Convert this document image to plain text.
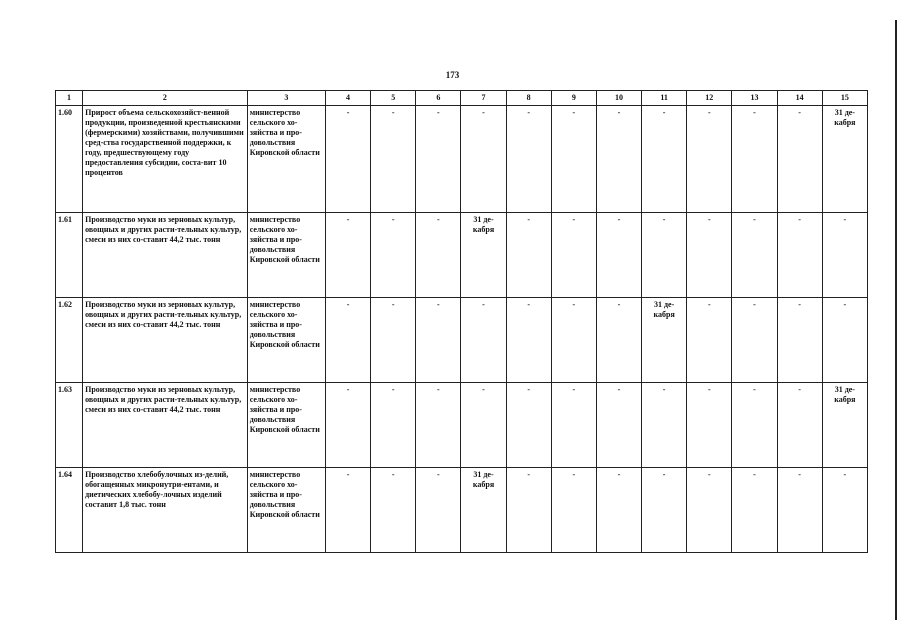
173
1	2	3	4	5	6	7	8	9	10	11	12	13	14	15
1.60	Прирост объема сельскохозяйст-венной продукции, произведенной крестьянскими (фермерскими) хозяйствами, получившими сред-ства государственной поддержки, к году, предшествующему году предоставления субсидии, соста-вит 10 процентов	министерство сельского хо-зяйства и про-довольствия Кировской области	-	-	-	-	-	-	-	-	-	-	-	31 де-кабря
1.61	Производство муки из зерновых культур, овощных и других расти-тельных культур, смеси из них со-ставит 44,2 тыс. тонн	министерство сельского хо-зяйства и про-довольствия Кировской области	-	-	-	31 де-кабря	-	-	-	-	-	-	-	-
1.62	Производство муки из зерновых культур, овощных и других расти-тельных культур, смеси из них со-ставит 44,2 тыс. тонн	министерство сельского хо-зяйства и про-довольствия Кировской области	-	-	-	-	-	-	-	31 де-кабря	-	-	-	-
1.63	Производство муки из зерновых культур, овощных и других расти-тельных культур, смеси из них со-ставит 44,2 тыс. тонн	министерство сельского хо-зяйства и про-довольствия Кировской области	-	-	-	-	-	-	-	-	-	-	-	31 де-кабря
1.64	Производство хлебобулочных из-делий, обогащенных микронутри-ентами, и диетических хлебобу-лочных изделий составит 1,8 тыс. тонн	министерство сельского хо-зяйства и про-довольствия Кировской области	-	-	-	31 де-кабря	-	-	-	-	-	-	-	-
